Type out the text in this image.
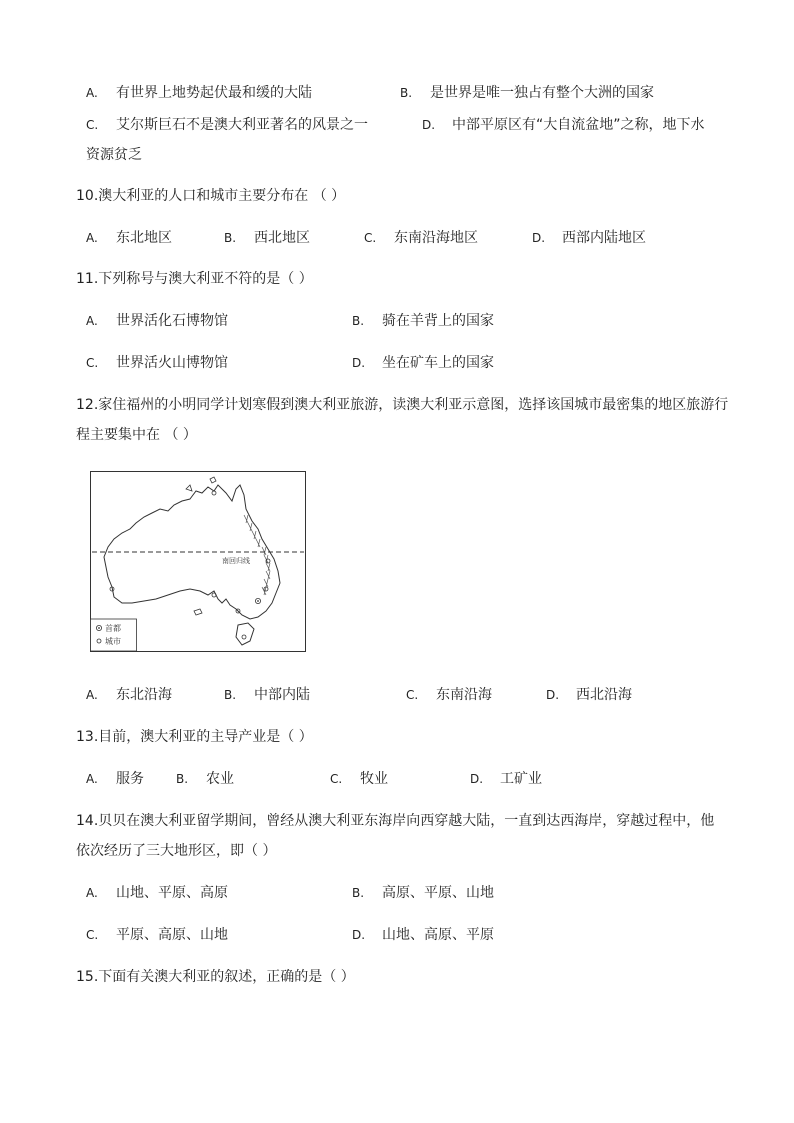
A. 有世界上地势起伏最和缓的大陆	B. 是世界是唯一独占有整个大洲的国家
C. 艾尔斯巨石不是澳大利亚著名的风景之一	D. 中部平原区有“大自流盆地”之称，地下水
资源贫乏
10.澳大利亚的人口和城市主要分布在 （ ）
A. 东北地区	B. 西北地区	C. 东南沿海地区	D. 西部内陆地区
11.下列称号与澳大利亚不符的是（ ）
A. 世界活化石博物馆	B. 骑在羊背上的国家
C. 世界活火山博物馆	D. 坐在矿车上的国家
12.家住福州的小明同学计划寒假到澳大利亚旅游，读澳大利亚示意图，选择该国城市最密集的地区旅游行
程主要集中在 （ ）
南回归线
首都
城市
A. 东北沿海	B. 中部内陆	C. 东南沿海	D. 西北沿海
13.目前，澳大利亚的主导产业是（ ）
A. 服务	B. 农业	C. 牧业	D. 工矿业
14.贝贝在澳大利亚留学期间，曾经从澳大利亚东海岸向西穿越大陆，一直到达西海岸，穿越过程中，他
依次经历了三大地形区，即（ ）
A. 山地、平原、高原	B. 高原、平原、山地
C. 平原、高原、山地	D. 山地、高原、平原
15.下面有关澳大利亚的叙述，正确的是（ ）
